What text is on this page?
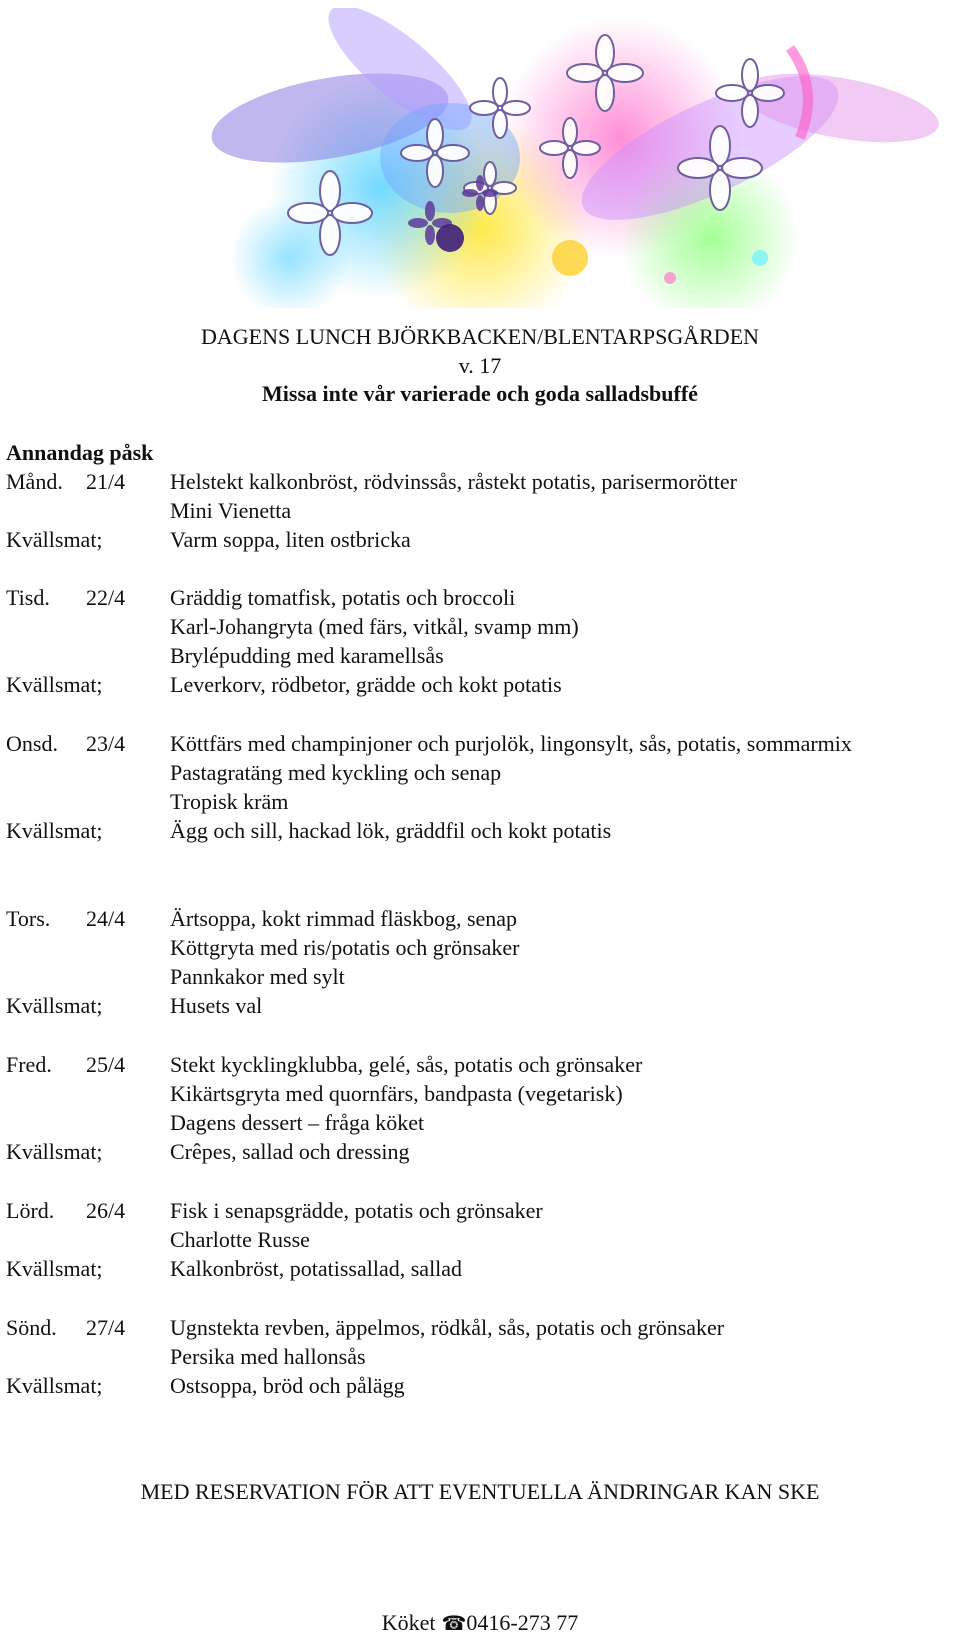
DAGENS LUNCH BJÖRKBACKEN/BLENTARPSGÅRDEN
v. 17
Missa inte vår varierade och goda salladsbuffé
Annandag påsk
Månd. 21/4 Helstekt kalkonbröst, rödvinssås, råstekt potatis, parisermorötter
Mini Vienetta
Kvällsmat;	Varm soppa, liten ostbricka
Tisd. 22/4 Gräddig tomatfisk, potatis och broccoli
Karl-Johangryta (med färs, vitkål, svamp mm)
Brylépudding med karamellsås
Kvällsmat;	Leverkorv, rödbetor, grädde och kokt potatis
Onsd. 23/4 Köttfärs med champinjoner och purjolök, lingonsylt, sås, potatis, sommarmix
Pastagratäng med kyckling och senap
Tropisk kräm
Kvällsmat;	Ägg och sill, hackad lök, gräddfil och kokt potatis
Tors. 24/4 Ärtsoppa, kokt rimmad fläskbog, senap
Köttgryta med ris/potatis och grönsaker
Pannkakor med sylt
Kvällsmat;	Husets val
Fred. 25/4 Stekt kycklingklubba, gelé, sås, potatis och grönsaker
Kikärtsgryta med quornfärs, bandpasta (vegetarisk)
Dagens dessert – fråga köket
Kvällsmat;	Crêpes, sallad och dressing
Lörd. 26/4 Fisk i senapsgrädde, potatis och grönsaker
Charlotte Russe
Kvällsmat;	Kalkonbröst, potatissallad, sallad
Sönd. 27/4 Ugnstekta revben, äppelmos, rödkål, sås, potatis och grönsaker
Persika med hallonsås
Kvällsmat;	Ostsoppa, bröd och pålägg
MED RESERVATION FÖR ATT EVENTUELLA ÄNDRINGAR KAN SKE
Köket ☎0416-273 77
